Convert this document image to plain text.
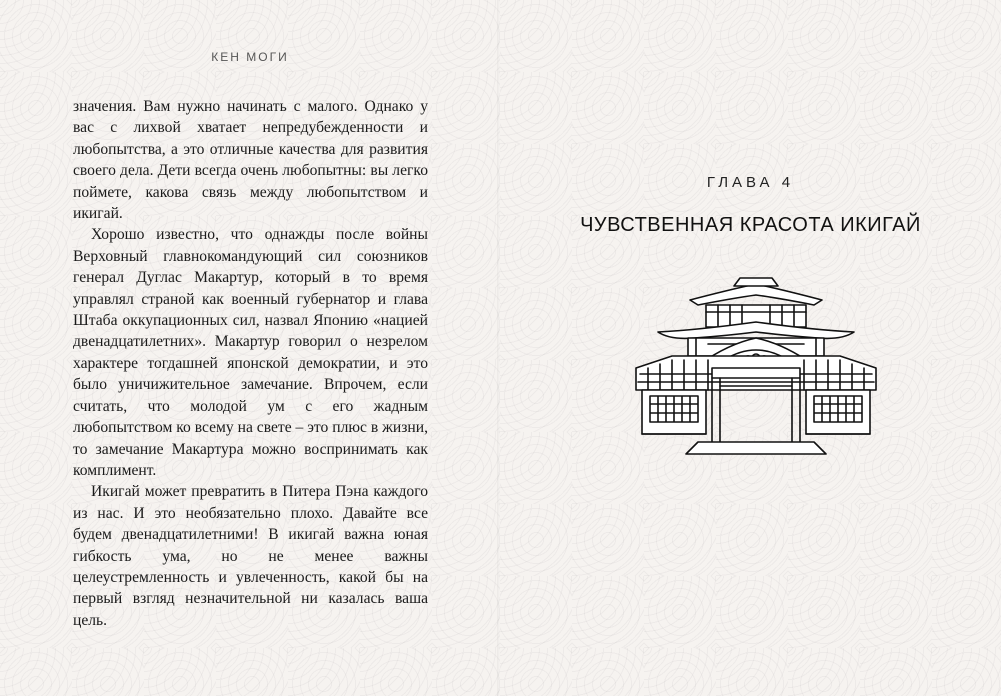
КЕН МОГИ

значения. Вам нужно начинать с малого. Однако у вас с лихвой хватает непредубежденности и любопытства, а это отличные качества для развития своего дела. Дети всегда очень любопытны: вы легко поймете, какова связь между любопытством и икигай.

Хорошо известно, что однажды после войны Верховный главнокомандующий сил союзников генерал Дуглас Макартур, который в то время управлял страной как военный губернатор и глава Штаба оккупационных сил, назвал Японию «нацией двенадцатилетних». Макартур говорил о незрелом характере тогдашней японской демократии, и это было уничижительное замечание. Впрочем, если считать, что молодой ум с его жадным любопытством ко всему на свете – это плюс в жизни, то замечание Макартура можно воспринимать как комплимент.

Икигай может превратить в Питера Пэна каждого из нас. И это необязательно плохо. Давайте все будем двенадцатилетними! В икигай важна юная гибкость ума, но не менее важны целеустремленность и увлеченность, какой бы на первый взгляд незначительной ни казалась ваша цель.

ГЛАВА 4
ЧУВСТВЕННАЯ КРАСОТА ИКИГАЙ
